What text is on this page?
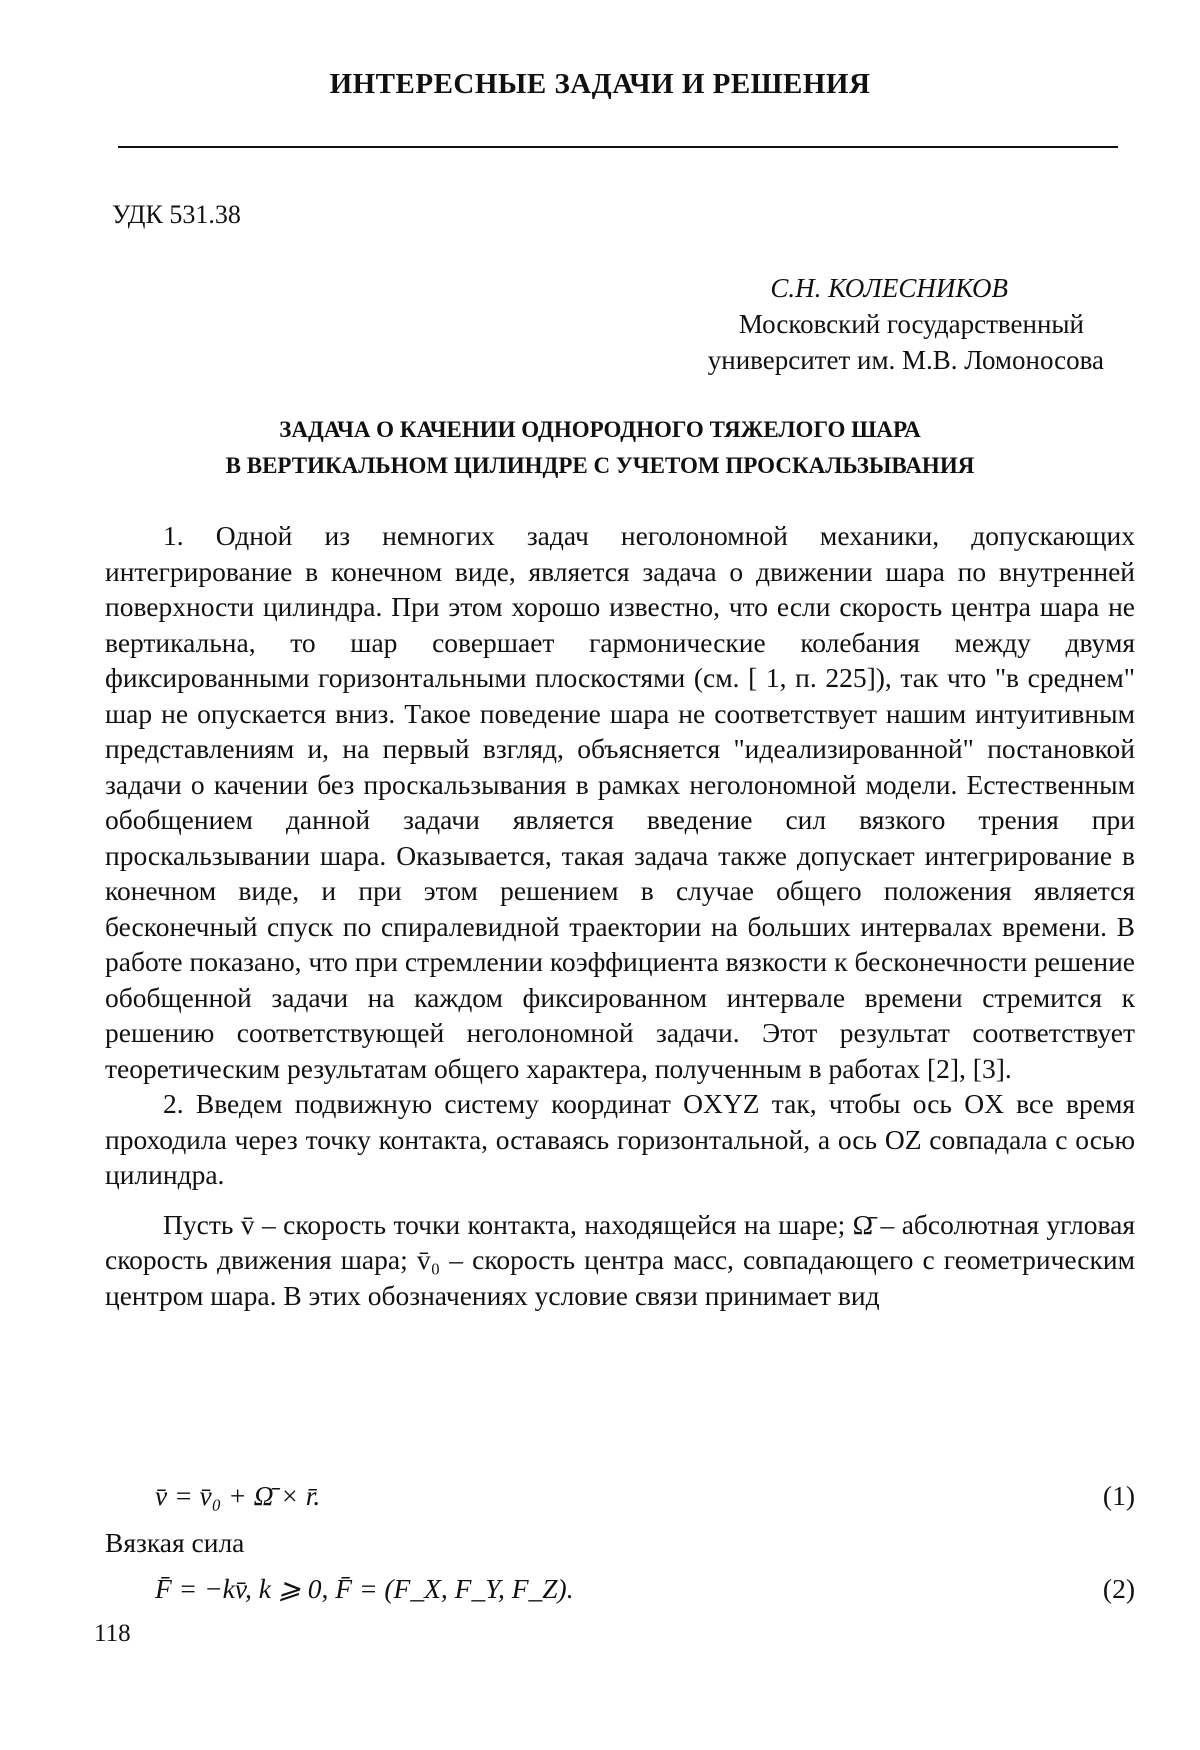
ИНТЕРЕСНЫЕ ЗАДАЧИ И РЕШЕНИЯ
УДК 531.38
С.Н. КОЛЕСНИКОВ
Московский государственный
университет им. М.В. Ломоносова
ЗАДАЧА О КАЧЕНИИ ОДНОРОДНОГО ТЯЖЕЛОГО ШАРА
В ВЕРТИКАЛЬНОМ ЦИЛИНДРЕ С УЧЕТОМ ПРОСКАЛЬЗЫВАНИЯ

1. Одной из немногих задач неголономной механики, допускающих интегрирование в конечном виде, является задача о движении шара по внутренней поверхности цилиндра. При этом хорошо известно, что если скорость центра шара не вертикальна, то шар совершает гармонические колебания между двумя фиксированными горизонтальными плоскостями (см. [ 1, п. 225]), так что "в среднем" шар не опускается вниз. Такое поведение шара не соответствует нашим интуитивным представлениям и, на первый взгляд, объясняется "идеализированной" постановкой задачи о качении без проскальзывания в рамках неголономной модели. Естественным обобщением данной задачи является введение сил вязкого трения при проскальзывании шара. Оказывается, такая задача также допускает интегрирование в конечном виде, и при этом решением в случае общего положения является бесконечный спуск по спиралевидной траектории на больших интервалах времени. В работе показано, что при стремлении коэффициента вязкости к бесконечности решение обобщенной задачи на каждом фиксированном интервале времени стремится к решению соответствующей неголономной задачи. Этот результат соответствует теоретическим результатам общего характера, полученным в работах [2], [3].

2. Введем подвижную систему координат OXYZ так, чтобы ось OX все время проходила через точку контакта, оставаясь горизонтальной, а ось OZ совпадала с осью цилиндра.

Пусть v̄ – скорость точки контакта, находящейся на шаре; Ω̄ – абсолютная угловая скорость движения шара; v̄₀ – скорость центра масс, совпадающего с геометрическим центром шара. В этих обозначениях условие связи принимает вид

v̄ = v̄₀ + Ω̄ × r̄.	(1)
Вязкая сила
F̄ = −kv̄, k ⩾ 0, F̄ = (F_X, F_Y, F_Z).	(2)
118
